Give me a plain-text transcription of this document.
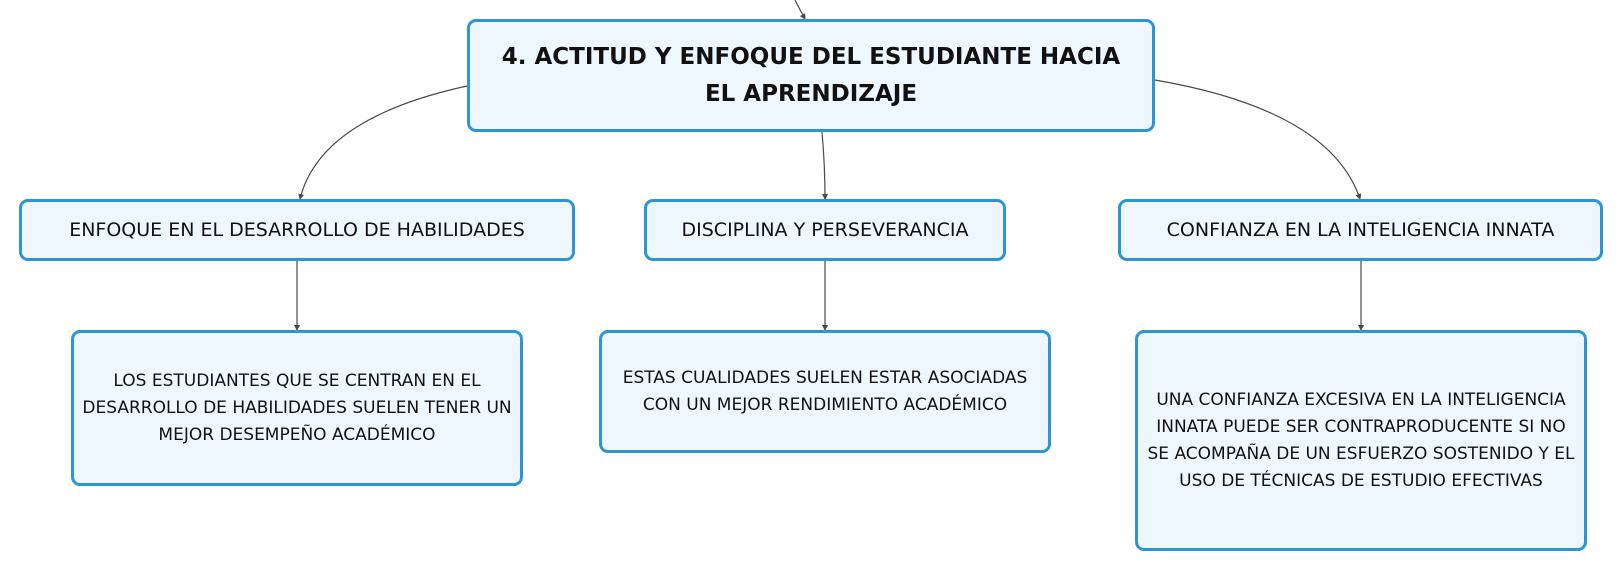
4. ACTITUD Y ENFOQUE DEL ESTUDIANTE HACIA EL APRENDIZAJE
ENFOQUE EN EL DESARROLLO DE HABILIDADES	DISCIPLINA Y PERSEVERANCIA	CONFIANZA EN LA INTELIGENCIA INNATA
LOS ESTUDIANTES QUE SE CENTRAN EN EL DESARROLLO DE HABILIDADES SUELEN TENER UN MEJOR DESEMPEÑO ACADÉMICO
ESTAS CUALIDADES SUELEN ESTAR ASOCIADAS CON UN MEJOR RENDIMIENTO ACADÉMICO	UNA CONFIANZA EXCESIVA EN LA INTELIGENCIA INNATA PUEDE SER CONTRAPRODUCENTE SI NO SE ACOMPAÑA DE UN ESFUERZO SOSTENIDO Y EL USO DE TÉCNICAS DE ESTUDIO EFECTIVAS
